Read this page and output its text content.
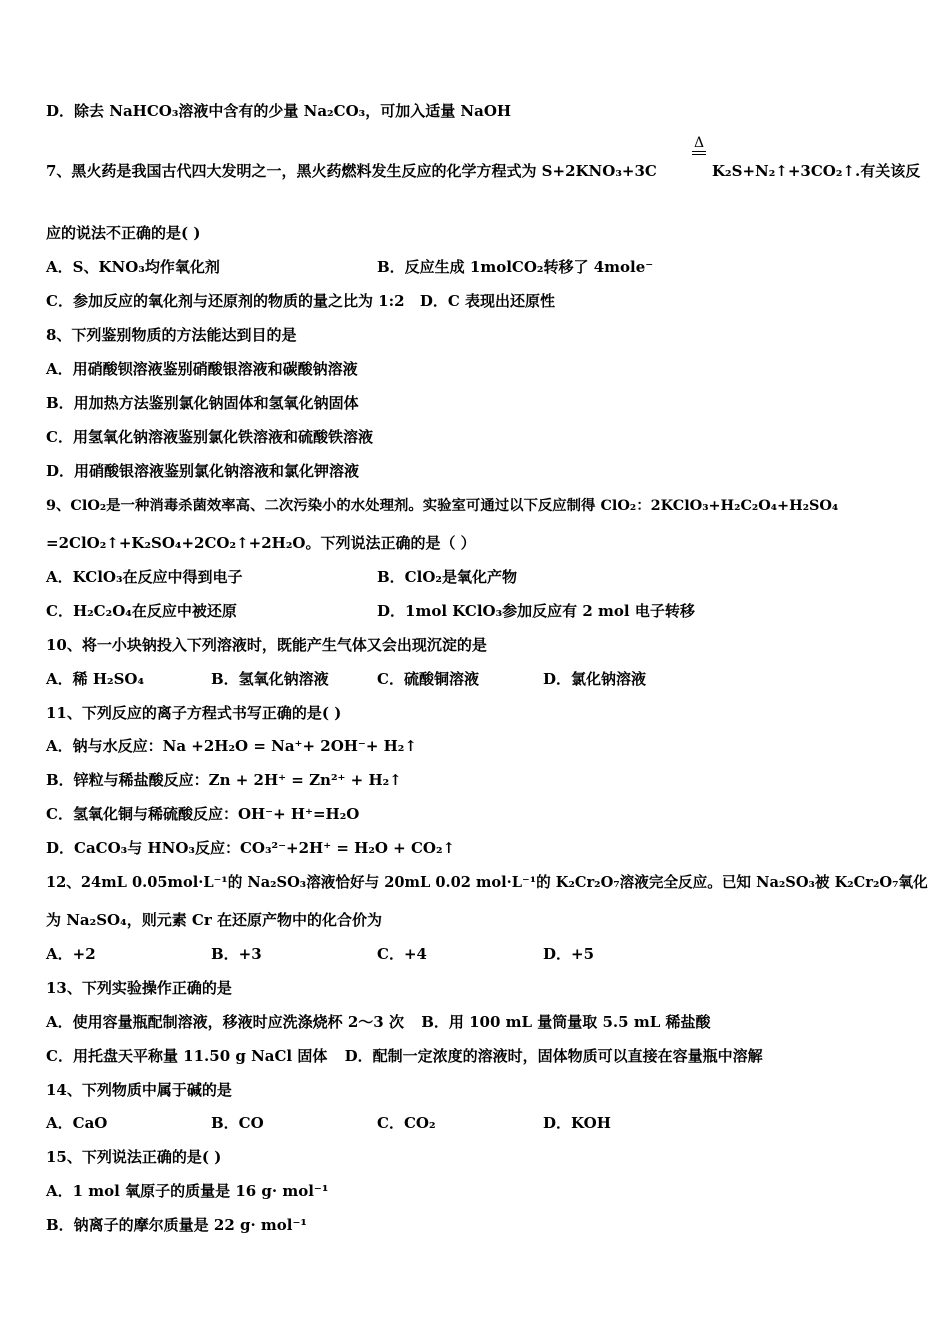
D．除去 NaHCO₃溶液中含有的少量 Na₂CO₃，可加入适量 NaOH
7、黑火药是我国古代四大发明之一，黑火药燃料发生反应的化学方程式为 S+2KNO₃+3C
Δ
K₂S+N₂↑+3CO₂↑.有关该反
应的说法不正确的是( )
A．S、KNO₃均作氧化剂	B．反应生成 1molCO₂转移了 4mole⁻
C．参加反应的氧化剂与还原剂的物质的量之比为 1:2 D．C 表现出还原性
8、下列鉴别物质的方法能达到目的是
A．用硝酸钡溶液鉴别硝酸银溶液和碳酸钠溶液
B．用加热方法鉴别氯化钠固体和氢氧化钠固体
C．用氢氧化钠溶液鉴别氯化铁溶液和硫酸铁溶液
D．用硝酸银溶液鉴别氯化钠溶液和氯化钾溶液
9、ClO₂是一种消毒杀菌效率高、二次污染小的水处理剂。实验室可通过以下反应制得 ClO₂：2KClO₃+H₂C₂O₄+H₂SO₄
=2ClO₂↑+K₂SO₄+2CO₂↑+2H₂O。下列说法正确的是（ ）
A．KClO₃在反应中得到电子	B．ClO₂是氧化产物
C．H₂C₂O₄在反应中被还原	D．1mol KClO₃参加反应有 2 mol 电子转移
10、将一小块钠投入下列溶液时，既能产生气体又会出现沉淀的是
A．稀 H₂SO₄	B．氢氧化钠溶液	C．硫酸铜溶液	D．氯化钠溶液
11、下列反应的离子方程式书写正确的是( )
A．钠与水反应：Na +2H₂O = Na⁺+ 2OH⁻+ H₂↑
B．锌粒与稀盐酸反应：Zn + 2H⁺ = Zn²⁺ + H₂↑
C．氢氧化铜与稀硫酸反应：OH⁻+ H⁺=H₂O
D．CaCO₃与 HNO₃反应：CO₃²⁻+2H⁺ = H₂O + CO₂↑
12、24mL 0.05mol·L⁻¹的 Na₂SO₃溶液恰好与 20mL 0.02 mol·L⁻¹的 K₂Cr₂O₇溶液完全反应。已知 Na₂SO₃被 K₂Cr₂O₇氧化
为 Na₂SO₄，则元素 Cr 在还原产物中的化合价为
A．+2	B．+3	C．+4	D．+5
13、下列实验操作正确的是
A．使用容量瓶配制溶液，移液时应洗涤烧杯 2～3 次 B．用 100 mL 量筒量取 5.5 mL 稀盐酸
C．用托盘天平称量 11.50 g NaCl 固体 D．配制一定浓度的溶液时，固体物质可以直接在容量瓶中溶解
14、下列物质中属于碱的是
A．CaO	B．CO	C．CO₂	D．KOH
15、下列说法正确的是( )
A．1 mol 氧原子的质量是 16 g· mol⁻¹
B．钠离子的摩尔质量是 22 g· mol⁻¹
